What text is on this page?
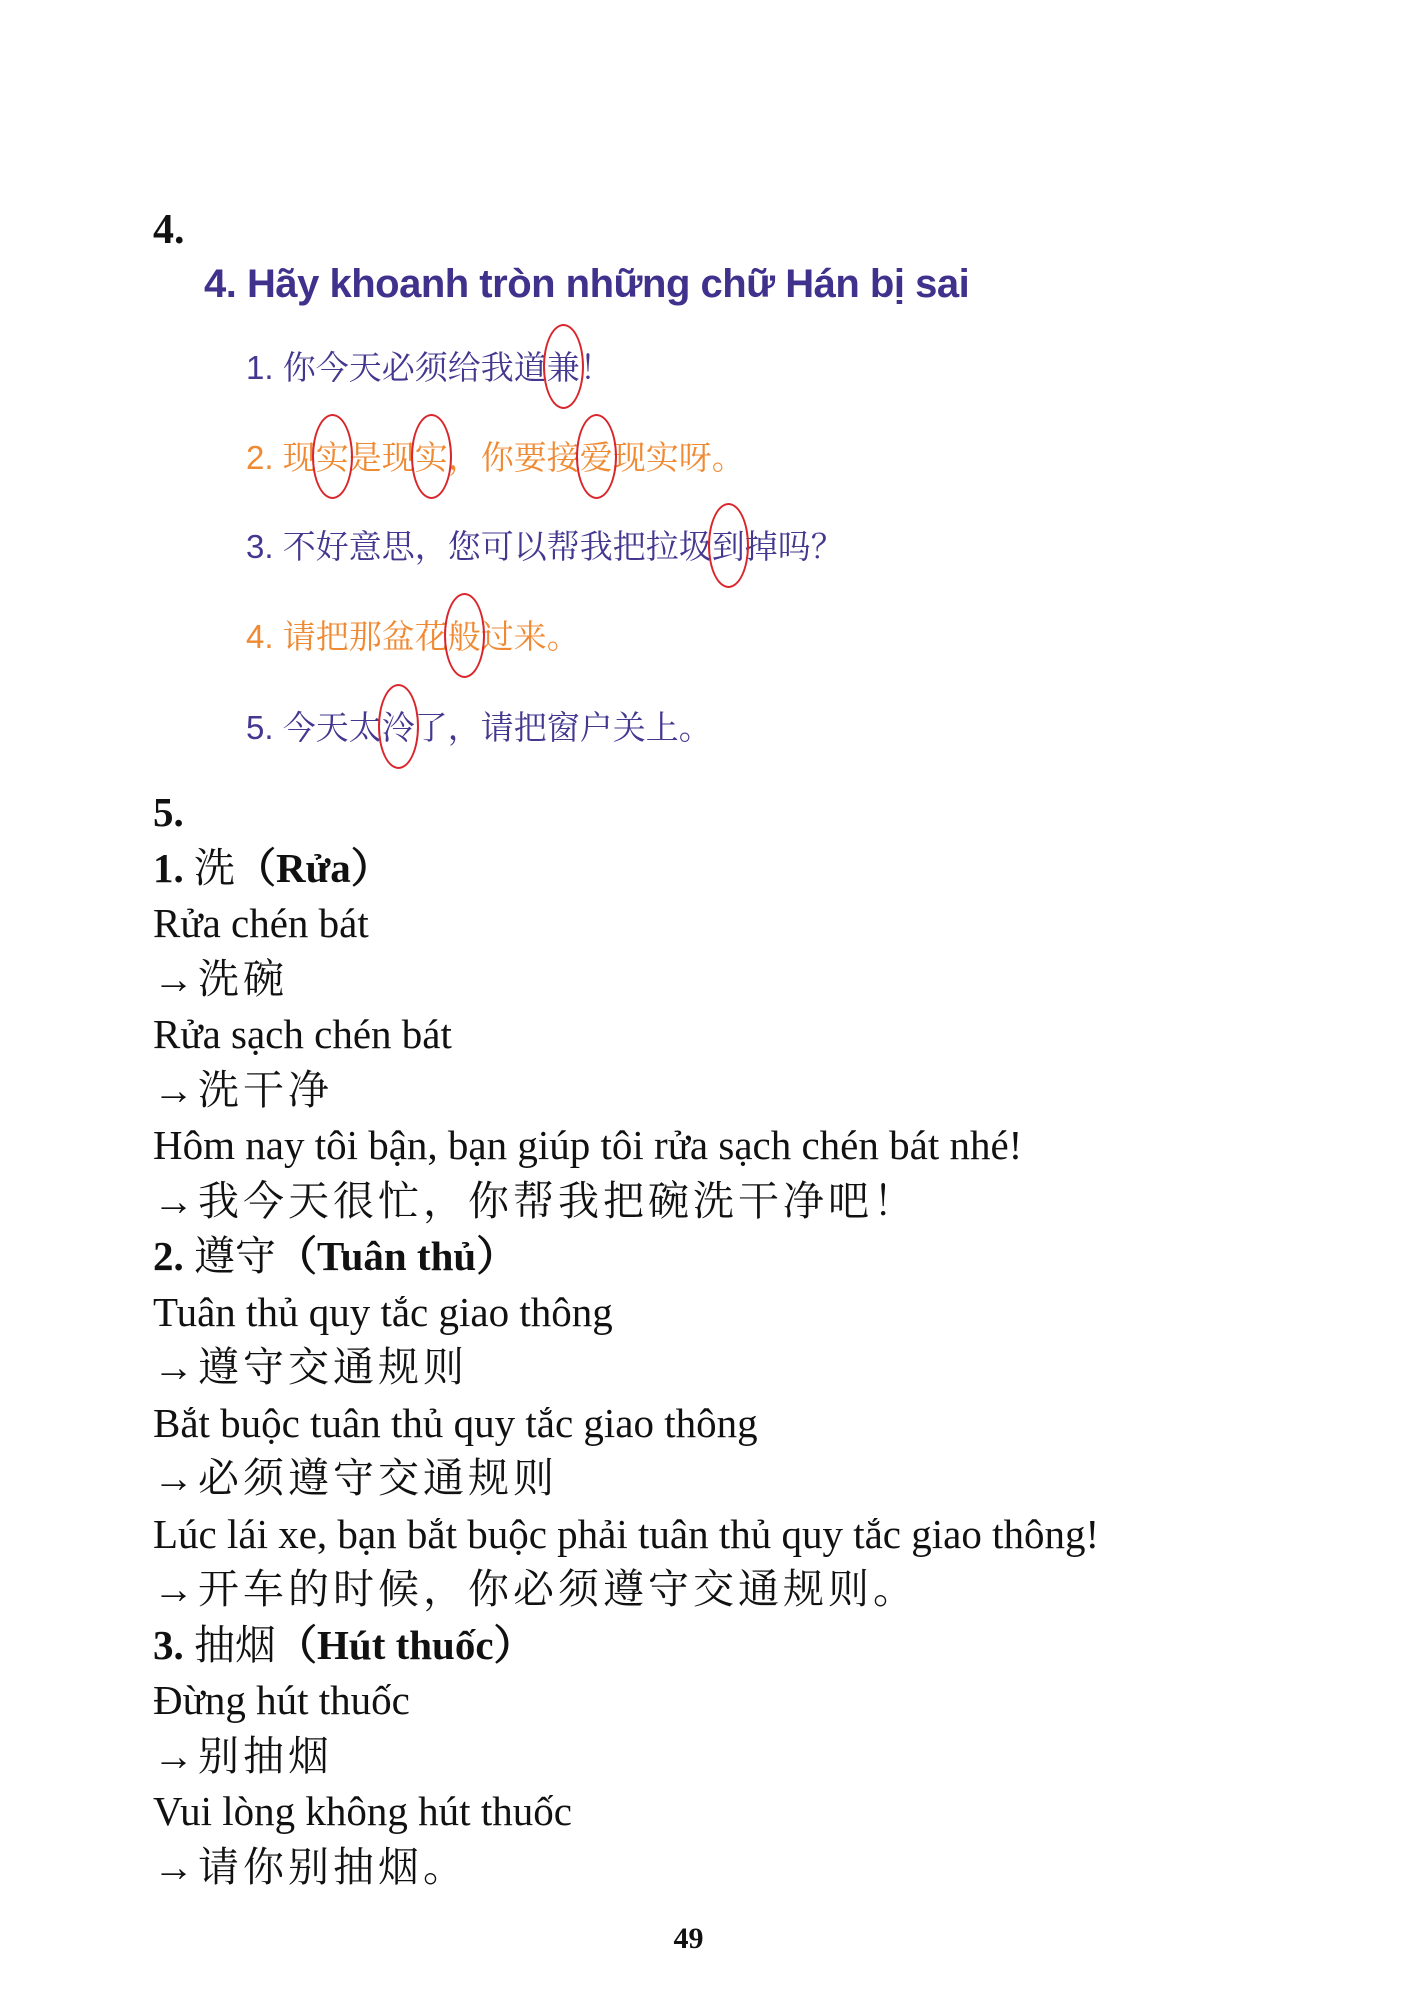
4.
4. Hãy khoanh tròn những chữ Hán bị sai
1. 你今天必须给我道兼！
2. 现实是现实，你要接爱现实呀。
3. 不好意思，您可以帮我把拉圾到掉吗？
4. 请把那盆花般过来。
5. 今天太泠了，请把窗户关上。
5.
1. 洗（Rửa）
Rửa chén bát
→洗碗
Rửa sạch chén bát
→洗干净
Hôm nay tôi bận, bạn giúp tôi rửa sạch chén bát nhé!
→我今天很忙，你帮我把碗洗干净吧！
2. 遵守（Tuân thủ）
Tuân thủ quy tắc giao thông
→遵守交通规则
Bắt buộc tuân thủ quy tắc giao thông
→必须遵守交通规则
Lúc lái xe, bạn bắt buộc phải tuân thủ quy tắc giao thông!
→开车的时候，你必须遵守交通规则。
3. 抽烟（Hút thuốc）
Đừng hút thuốc
→别抽烟
Vui lòng không hút thuốc
→请你别抽烟。
49
